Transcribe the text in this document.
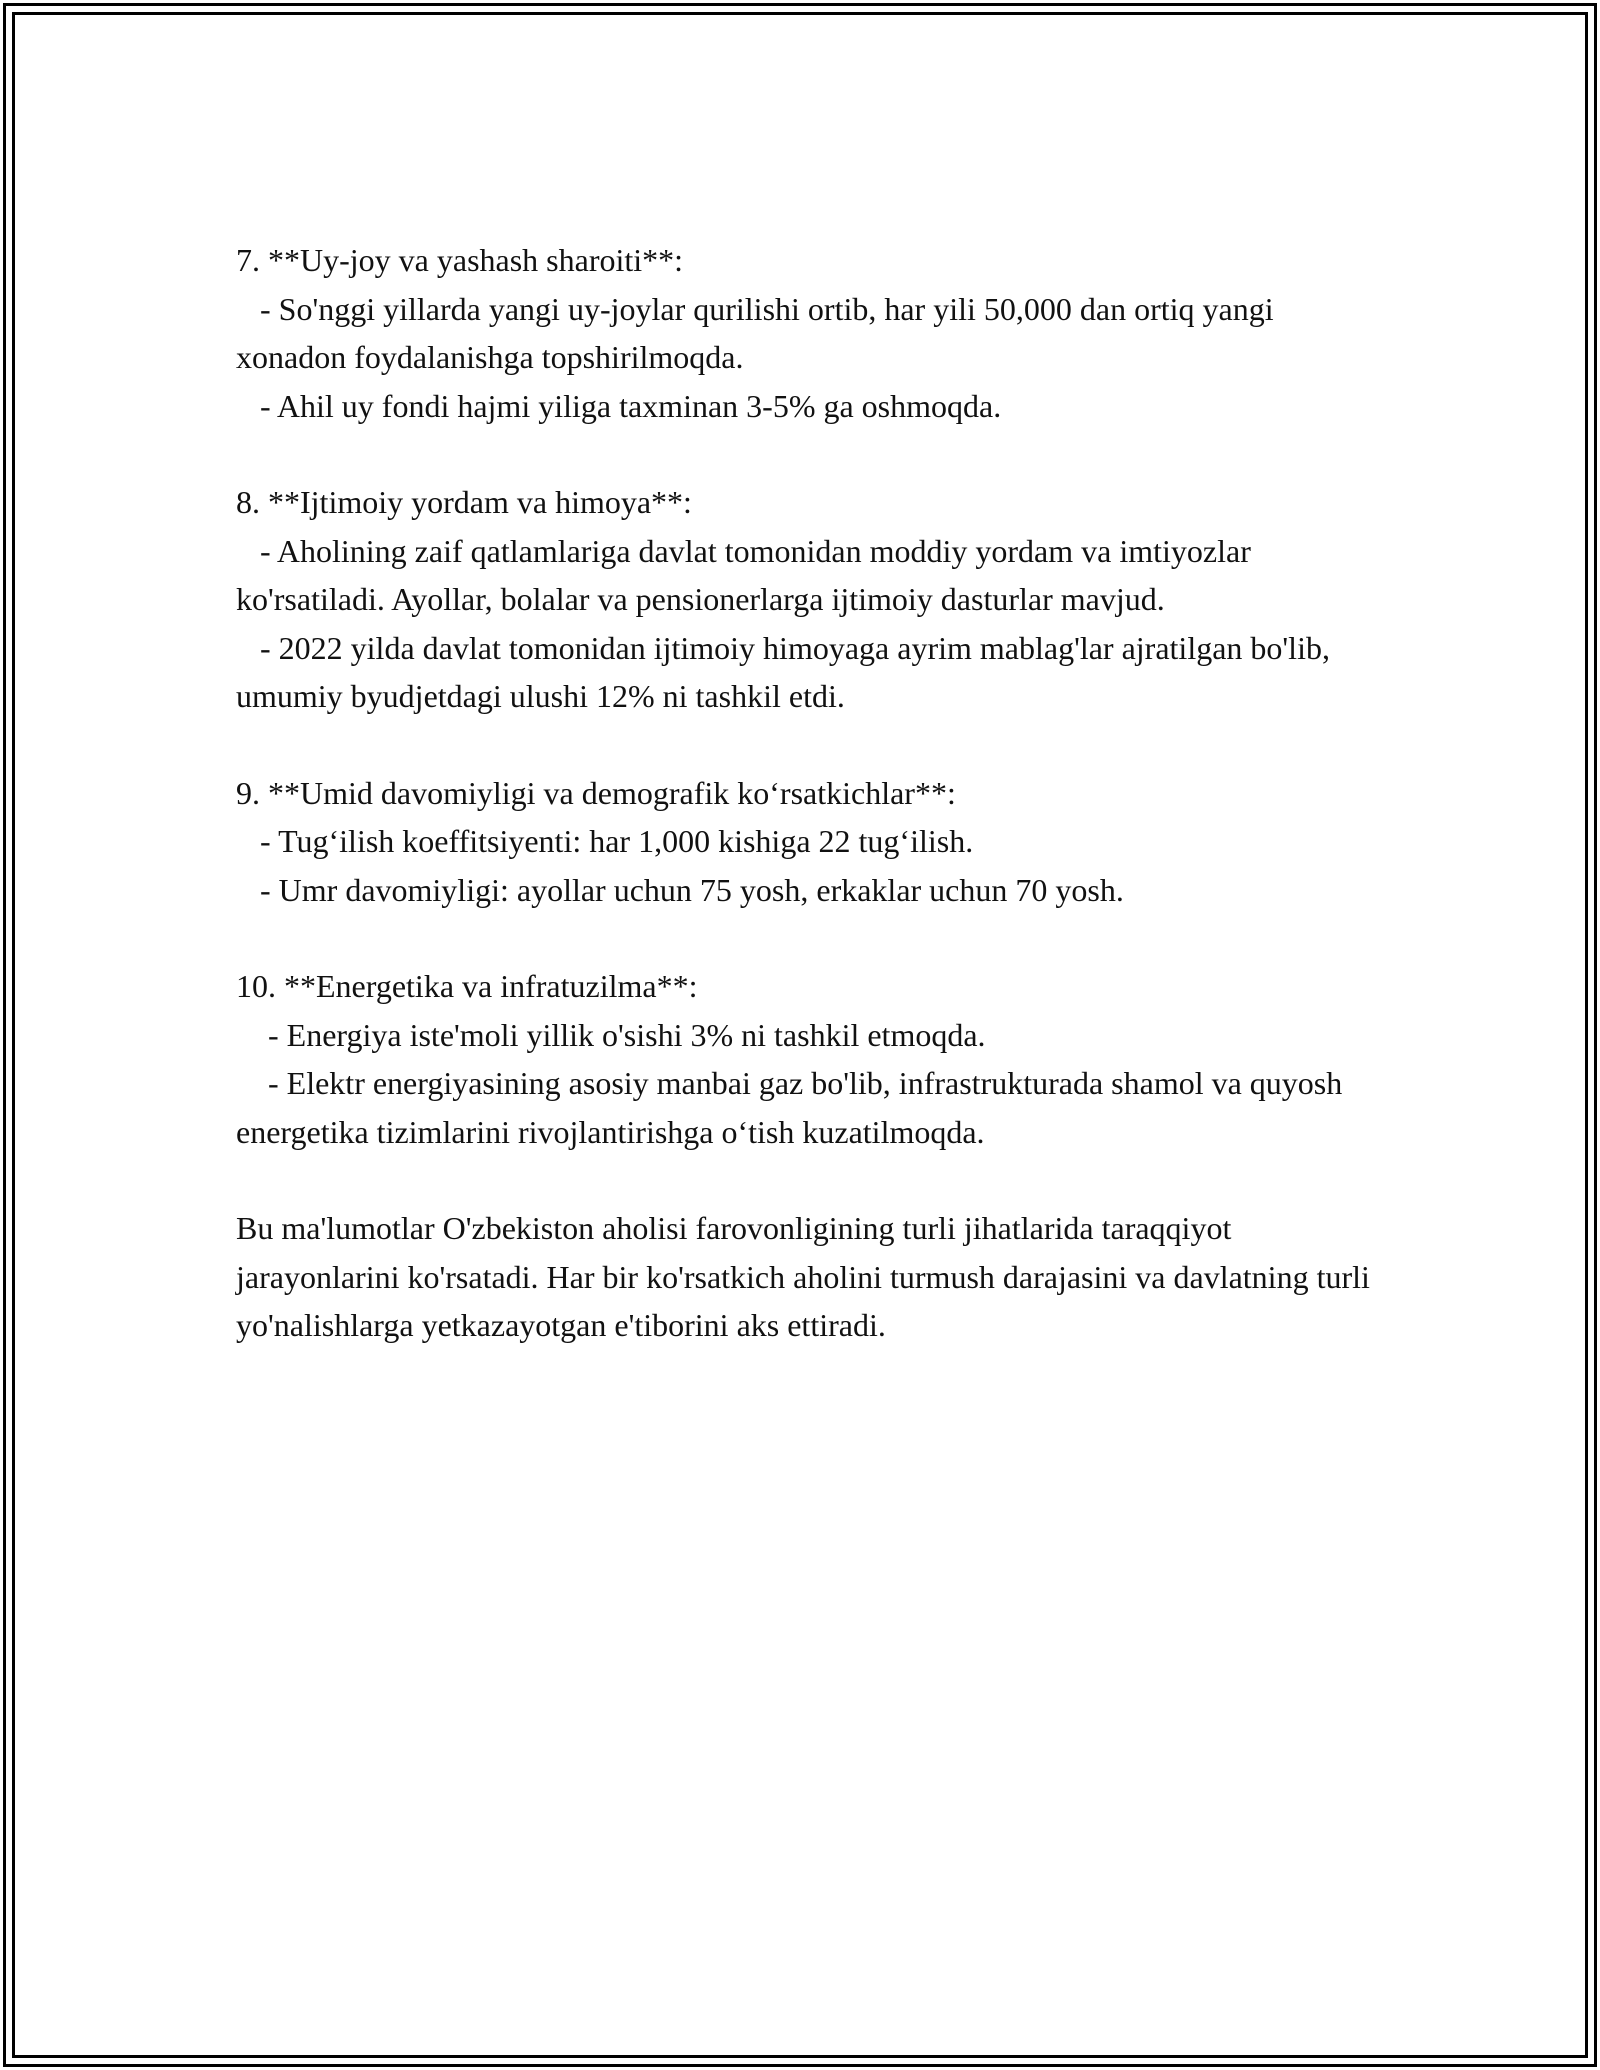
7. **Uy-joy va yashash sharoiti**:
- So'nggi yillarda yangi uy-joylar qurilishi ortib, har yili 50,000 dan ortiq yangi xonadon foydalanishga topshirilmoqda.
- Ahil uy fondi hajmi yiliga taxminan 3-5% ga oshmoqda.
8. **Ijtimoiy yordam va himoya**:
- Aholining zaif qatlamlariga davlat tomonidan moddiy yordam va imtiyozlar ko'rsatiladi. Ayollar, bolalar va pensionerlarga ijtimoiy dasturlar mavjud.
- 2022 yilda davlat tomonidan ijtimoiy himoyaga ayrim mablag'lar ajratilgan bo'lib, umumiy byudjetdagi ulushi 12% ni tashkil etdi.
9. **Umid davomiyligi va demografik ko‘rsatkichlar**:
- Tug‘ilish koeffitsiyenti: har 1,000 kishiga 22 tug‘ilish.
- Umr davomiyligi: ayollar uchun 75 yosh, erkaklar uchun 70 yosh.
10. **Energetika va infratuzilma**:
- Energiya iste'moli yillik o'sishi 3% ni tashkil etmoqda.
- Elektr energiyasining asosiy manbai gaz bo'lib, infrastrukturada shamol va quyosh energetika tizimlarini rivojlantirishga o‘tish kuzatilmoqda.

Bu ma'lumotlar O'zbekiston aholisi farovonligining turli jihatlarida taraqqiyot jarayonlarini ko'rsatadi. Har bir ko'rsatkich aholini turmush darajasini va davlatning turli yo'nalishlarga yetkazayotgan e'tiborini aks ettiradi.
